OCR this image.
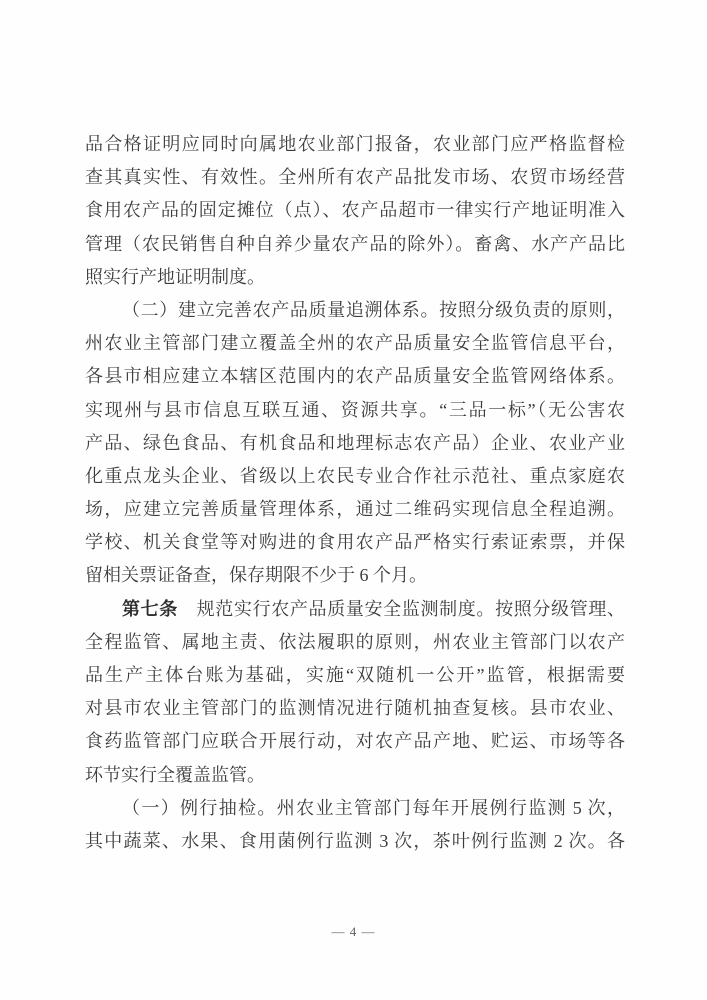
品合格证明应同时向属地农业部门报备，农业部门应严格监督检
查其真实性、有效性。全州所有农产品批发市场、农贸市场经营
食用农产品的固定摊位（点）、农产品超市一律实行产地证明准入
管理（农民销售自种自养少量农产品的除外）。畜禽、水产产品比
照实行产地证明制度。
（二）建立完善农产品质量追溯体系。按照分级负责的原则，
州农业主管部门建立覆盖全州的农产品质量安全监管信息平台，
各县市相应建立本辖区范围内的农产品质量安全监管网络体系。
实现州与县市信息互联互通、资源共享。“三品一标”（无公害农
产品、绿色食品、有机食品和地理标志农产品）企业、农业产业
化重点龙头企业、省级以上农民专业合作社示范社、重点家庭农
场，应建立完善质量管理体系，通过二维码实现信息全程追溯。
学校、机关食堂等对购进的食用农产品严格实行索证索票，并保
留相关票证备查，保存期限不少于 6 个月。
第七条　规范实行农产品质量安全监测制度。按照分级管理、
全程监管、属地主责、依法履职的原则，州农业主管部门以农产
品生产主体台账为基础，实施“双随机一公开”监管，根据需要
对县市农业主管部门的监测情况进行随机抽查复核。县市农业、
食药监管部门应联合开展行动，对农产品产地、贮运、市场等各
环节实行全覆盖监管。
（一）例行抽检。州农业主管部门每年开展例行监测 5 次，
其中蔬菜、水果、食用菌例行监测 3 次，茶叶例行监测 2 次。各
— 4 —
